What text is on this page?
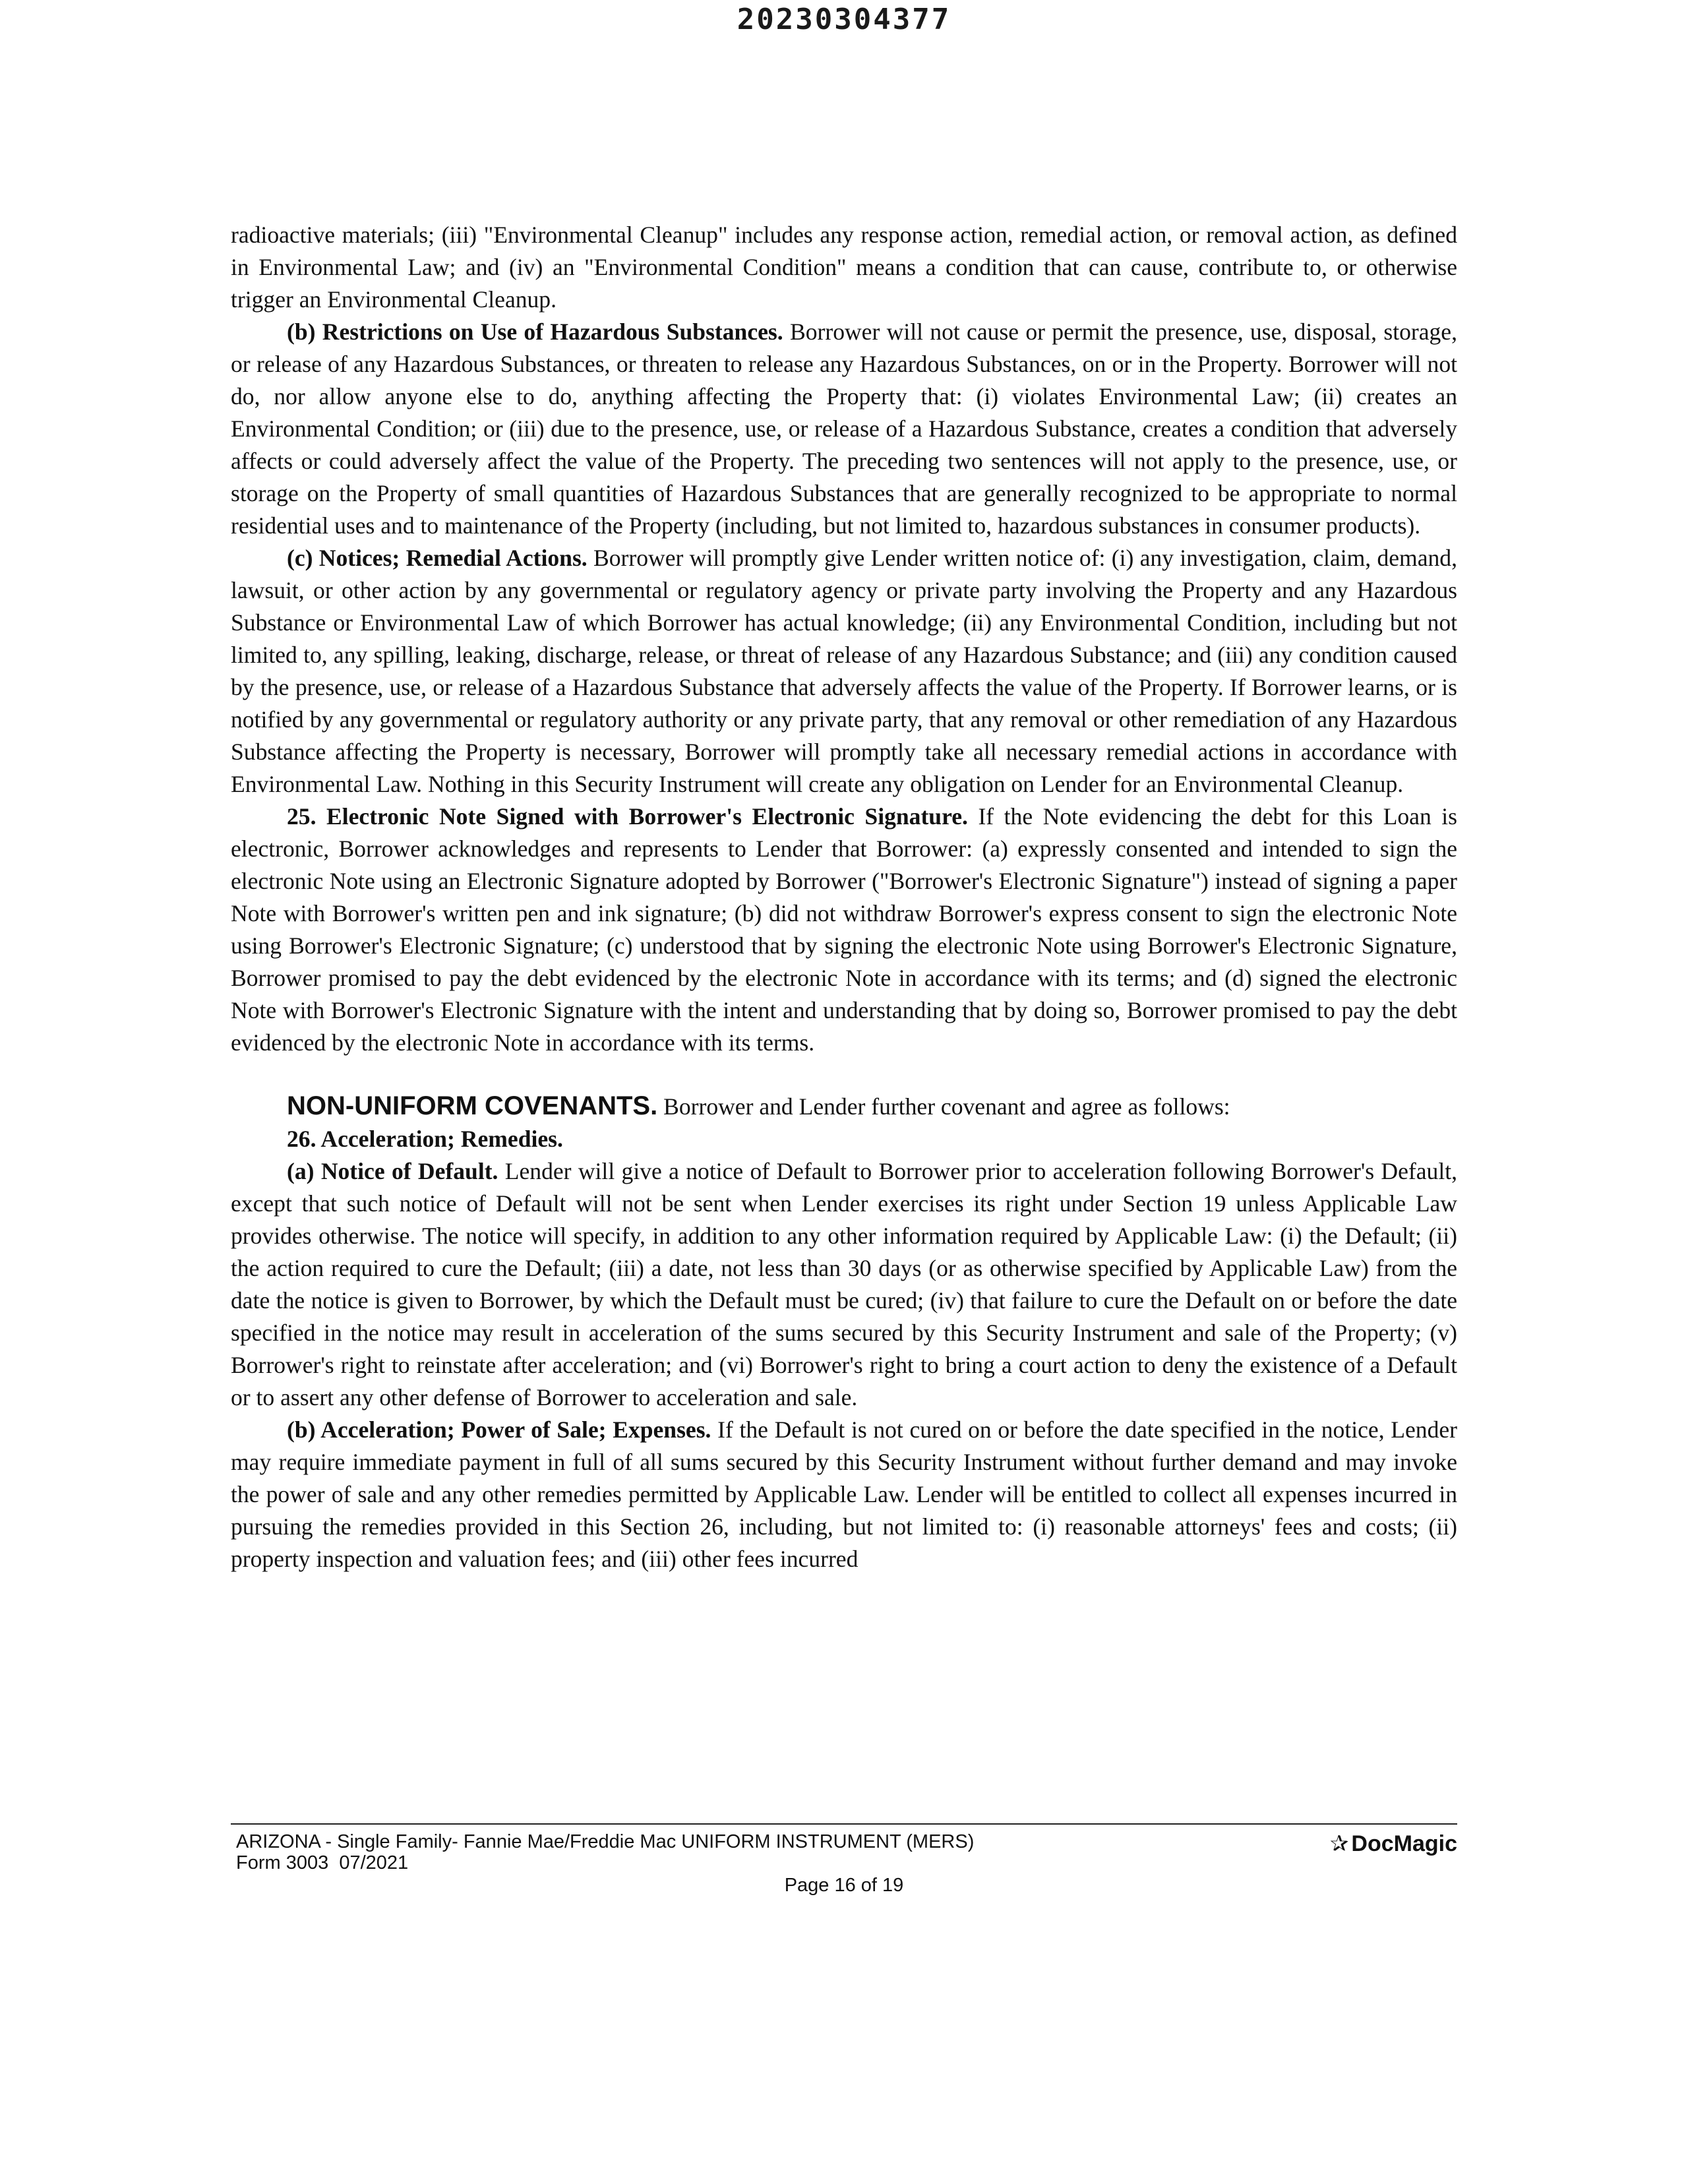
20230304377

radioactive materials; (iii) "Environmental Cleanup" includes any response action, remedial action, or removal action, as defined in Environmental Law; and (iv) an "Environmental Condition" means a condition that can cause, contribute to, or otherwise trigger an Environmental Cleanup.

(b) Restrictions on Use of Hazardous Substances. Borrower will not cause or permit the presence, use, disposal, storage, or release of any Hazardous Substances, or threaten to release any Hazardous Substances, on or in the Property. Borrower will not do, nor allow anyone else to do, anything affecting the Property that: (i) violates Environmental Law; (ii) creates an Environmental Condition; or (iii) due to the presence, use, or release of a Hazardous Substance, creates a condition that adversely affects or could adversely affect the value of the Property. The preceding two sentences will not apply to the presence, use, or storage on the Property of small quantities of Hazardous Substances that are generally recognized to be appropriate to normal residential uses and to maintenance of the Property (including, but not limited to, hazardous substances in consumer products).

(c) Notices; Remedial Actions. Borrower will promptly give Lender written notice of: (i) any investigation, claim, demand, lawsuit, or other action by any governmental or regulatory agency or private party involving the Property and any Hazardous Substance or Environmental Law of which Borrower has actual knowledge; (ii) any Environmental Condition, including but not limited to, any spilling, leaking, discharge, release, or threat of release of any Hazardous Substance; and (iii) any condition caused by the presence, use, or release of a Hazardous Substance that adversely affects the value of the Property. If Borrower learns, or is notified by any governmental or regulatory authority or any private party, that any removal or other remediation of any Hazardous Substance affecting the Property is necessary, Borrower will promptly take all necessary remedial actions in accordance with Environmental Law. Nothing in this Security Instrument will create any obligation on Lender for an Environmental Cleanup.

25. Electronic Note Signed with Borrower's Electronic Signature. If the Note evidencing the debt for this Loan is electronic, Borrower acknowledges and represents to Lender that Borrower: (a) expressly consented and intended to sign the electronic Note using an Electronic Signature adopted by Borrower ("Borrower's Electronic Signature") instead of signing a paper Note with Borrower's written pen and ink signature; (b) did not withdraw Borrower's express consent to sign the electronic Note using Borrower's Electronic Signature; (c) understood that by signing the electronic Note using Borrower's Electronic Signature, Borrower promised to pay the debt evidenced by the electronic Note in accordance with its terms; and (d) signed the electronic Note with Borrower's Electronic Signature with the intent and understanding that by doing so, Borrower promised to pay the debt evidenced by the electronic Note in accordance with its terms.

NON-UNIFORM COVENANTS. Borrower and Lender further covenant and agree as follows:

26. Acceleration; Remedies.

(a) Notice of Default. Lender will give a notice of Default to Borrower prior to acceleration following Borrower's Default, except that such notice of Default will not be sent when Lender exercises its right under Section 19 unless Applicable Law provides otherwise. The notice will specify, in addition to any other information required by Applicable Law: (i) the Default; (ii) the action required to cure the Default; (iii) a date, not less than 30 days (or as otherwise specified by Applicable Law) from the date the notice is given to Borrower, by which the Default must be cured; (iv) that failure to cure the Default on or before the date specified in the notice may result in acceleration of the sums secured by this Security Instrument and sale of the Property; (v) Borrower's right to reinstate after acceleration; and (vi) Borrower's right to bring a court action to deny the existence of a Default or to assert any other defense of Borrower to acceleration and sale.

(b) Acceleration; Power of Sale; Expenses. If the Default is not cured on or before the date specified in the notice, Lender may require immediate payment in full of all sums secured by this Security Instrument without further demand and may invoke the power of sale and any other remedies permitted by Applicable Law. Lender will be entitled to collect all expenses incurred in pursuing the remedies provided in this Section 26, including, but not limited to: (i) reasonable attorneys' fees and costs; (ii) property inspection and valuation fees; and (iii) other fees incurred

ARIZONA - Single Family- Fannie Mae/Freddie Mac UNIFORM INSTRUMENT (MERS)
Form 3003  07/2021
✰ DocMagic
Page 16 of 19
